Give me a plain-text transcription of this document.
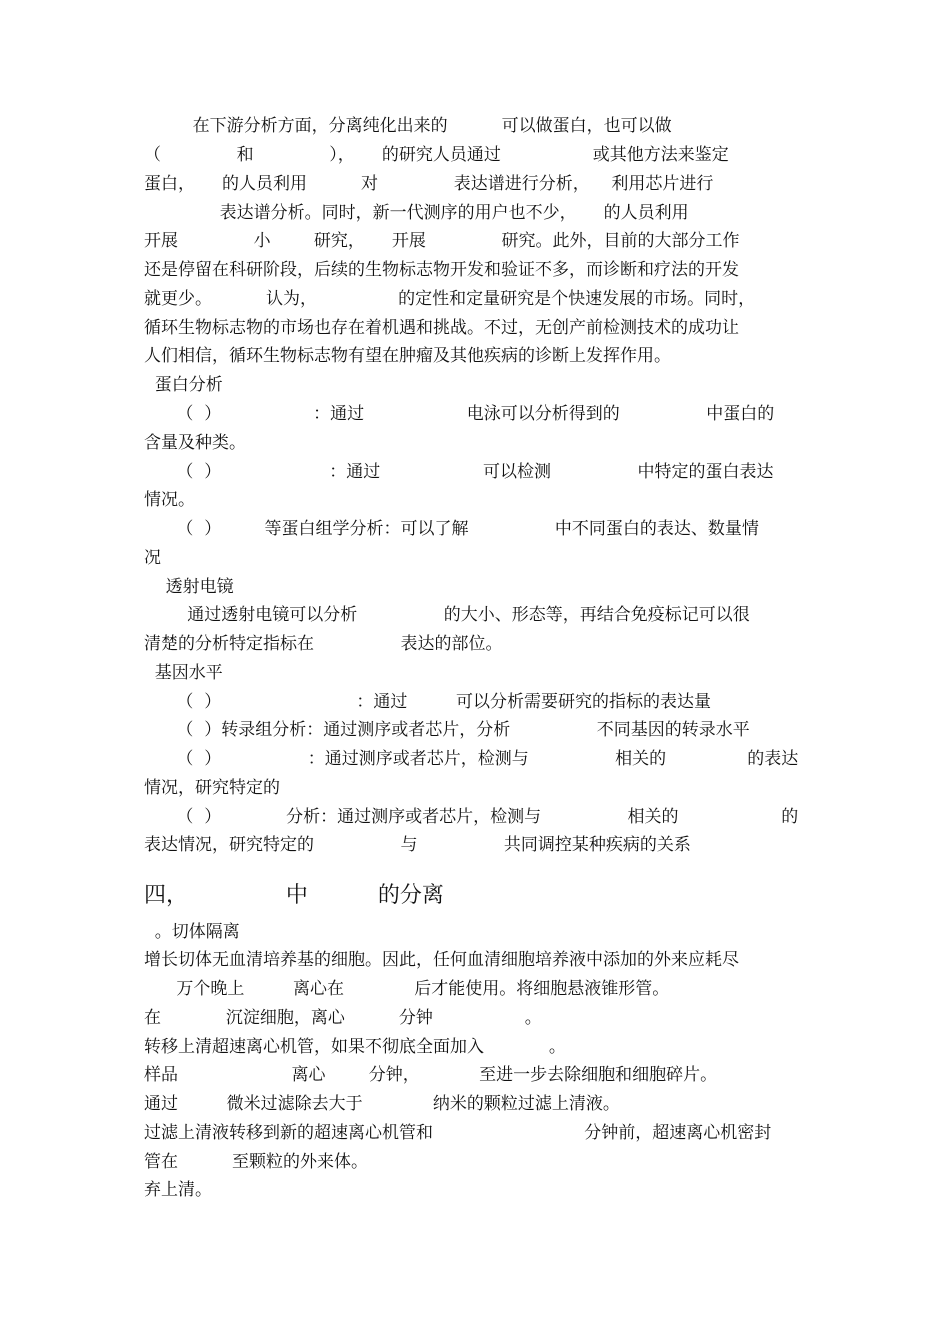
在下游分析方面，分离纯化出来的          可以做蛋白，也可以做
（              和              ），     的研究人员通过                 或其他方法来鉴定
蛋白，     的人员利用          对              表达谱进行分析，    利用芯片进行
表达谱分析。同时，新一代测序的用户也不少，     的人员利用
开展              小        研究，     开展              研究。此外，目前的大部分工作
还是停留在科研阶段，后续的生物标志物开发和验证不多，而诊断和疗法的开发
就更少。          认为，               的定性和定量研究是个快速发展的市场。同时，
循环生物标志物的市场也存在着机遇和挑战。不过，无创产前检测技术的成功让
人们相信，循环生物标志物有望在肿瘤及其他疾病的诊断上发挥作用。
蛋白分析
（  ）                 ：通过                   电泳可以分析得到的                中蛋白的
含量及种类。
（  ）                    ：通过                   可以检测                中特定的蛋白表达
情况。
（  ）        等蛋白组学分析：可以了解                中不同蛋白的表达、数量情
况
透射电镜
通过透射电镜可以分析                的大小、形态等，再结合免疫标记可以很
清楚的分析特定指标在                表达的部位。
基因水平
（  ）                         ：通过         可以分析需要研究的指标的表达量
（  ）转录组分析：通过测序或者芯片，分析                不同基因的转录水平
（  ）                ：通过测序或者芯片，检测与                相关的               的表达
情况，研究特定的
（  ）            分析：通过测序或者芯片，检测与                相关的                   的
表达情况，研究特定的                与                共同调控某种疾病的关系
四，              中          的分离
。切体隔离
增长切体无血清培养基的细胞。因此，任何血清细胞培养液中添加的外来应耗尽
万个晚上         离心在             后才能使用。将细胞悬液锥形管。
在            沉淀细胞，离心          分钟                 。
转移上清超速离心机管，如果不彻底全面加入            。
样品                     离心        分钟，           至进一步去除细胞和细胞碎片。
通过         微米过滤除去大于             纳米的颗粒过滤上清液。
过滤上清液转移到新的超速离心机管和                            分钟前，超速离心机密封
管在          至颗粒的外来体。
弃上清。
